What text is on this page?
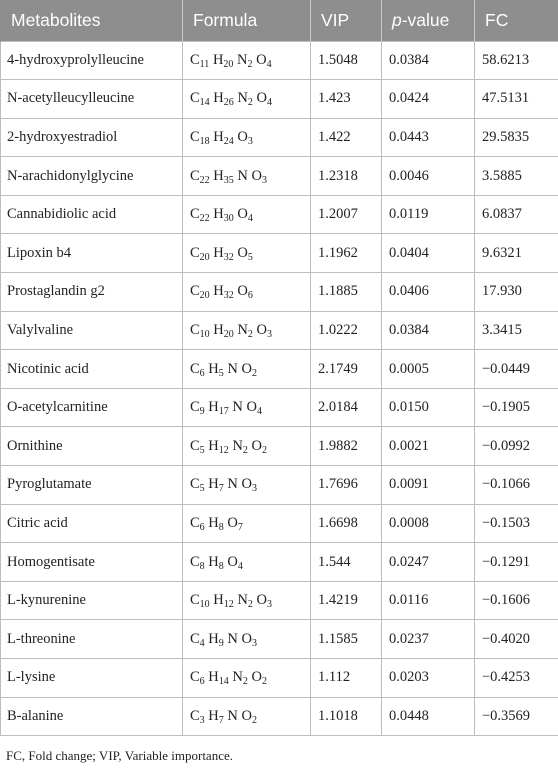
Metabolites	Formula	VIP	p-value	FC
4-hydroxyprolylleucine	$C_{11}$ $H_{20}$ $N_2$ $O_4$	1.5048	0.0384	58.6213
N-acetylleucylleucine	$C_{14}$ $H_{26}$ $N_2$ $O_4$	1.423	0.0424	47.5131
2-hydroxyestradiol	$C_{18}$ $H_{24}$ $O_3$	1.422	0.0443	29.5835
N-arachidonylglycine	$C_{22}$ $H_{35}$ N $O_3$	1.2318	0.0046	3.5885
Cannabidiolic acid	$C_{22}$ $H_{30}$ $O_4$	1.2007	0.0119	6.0837
Lipoxin b4	$C_{20}$ $H_{32}$ $O_5$	1.1962	0.0404	9.6321
Prostaglandin g2	$C_{20}$ $H_{32}$ $O_6$	1.1885	0.0406	17.930
Valylvaline	$C_{10}$ $H_{20}$ $N_2$ $O_3$	1.0222	0.0384	3.3415
Nicotinic acid	$C_6$ $H_5$ N $O_2$	2.1749	0.0005	−0.0449
O-acetylcarnitine	$C_9$ $H_{17}$ N $O_4$	2.0184	0.0150	−0.1905
Ornithine	$C_5$ $H_{12}$ $N_2$ $O_2$	1.9882	0.0021	−0.0992
Pyroglutamate	$C_5$ $H_7$ N $O_3$	1.7696	0.0091	−0.1066
Citric acid	$C_6$ $H_8$ $O_7$	1.6698	0.0008	−0.1503
Homogentisate	$C_8$ $H_8$ $O_4$	1.544	0.0247	−0.1291
L-kynurenine	$C_{10}$ $H_{12}$ $N_2$ $O_3$	1.4219	0.0116	−0.1606
L-threonine	$C_4$ $H_9$ N $O_3$	1.1585	0.0237	−0.4020
L-lysine	$C_6$ $H_{14}$ $N_2$ $O_2$	1.112	0.0203	−0.4253
B-alanine	$C_3$ $H_7$ N $O_2$	1.1018	0.0448	−0.3569
FC, Fold change; VIP, Variable importance.
